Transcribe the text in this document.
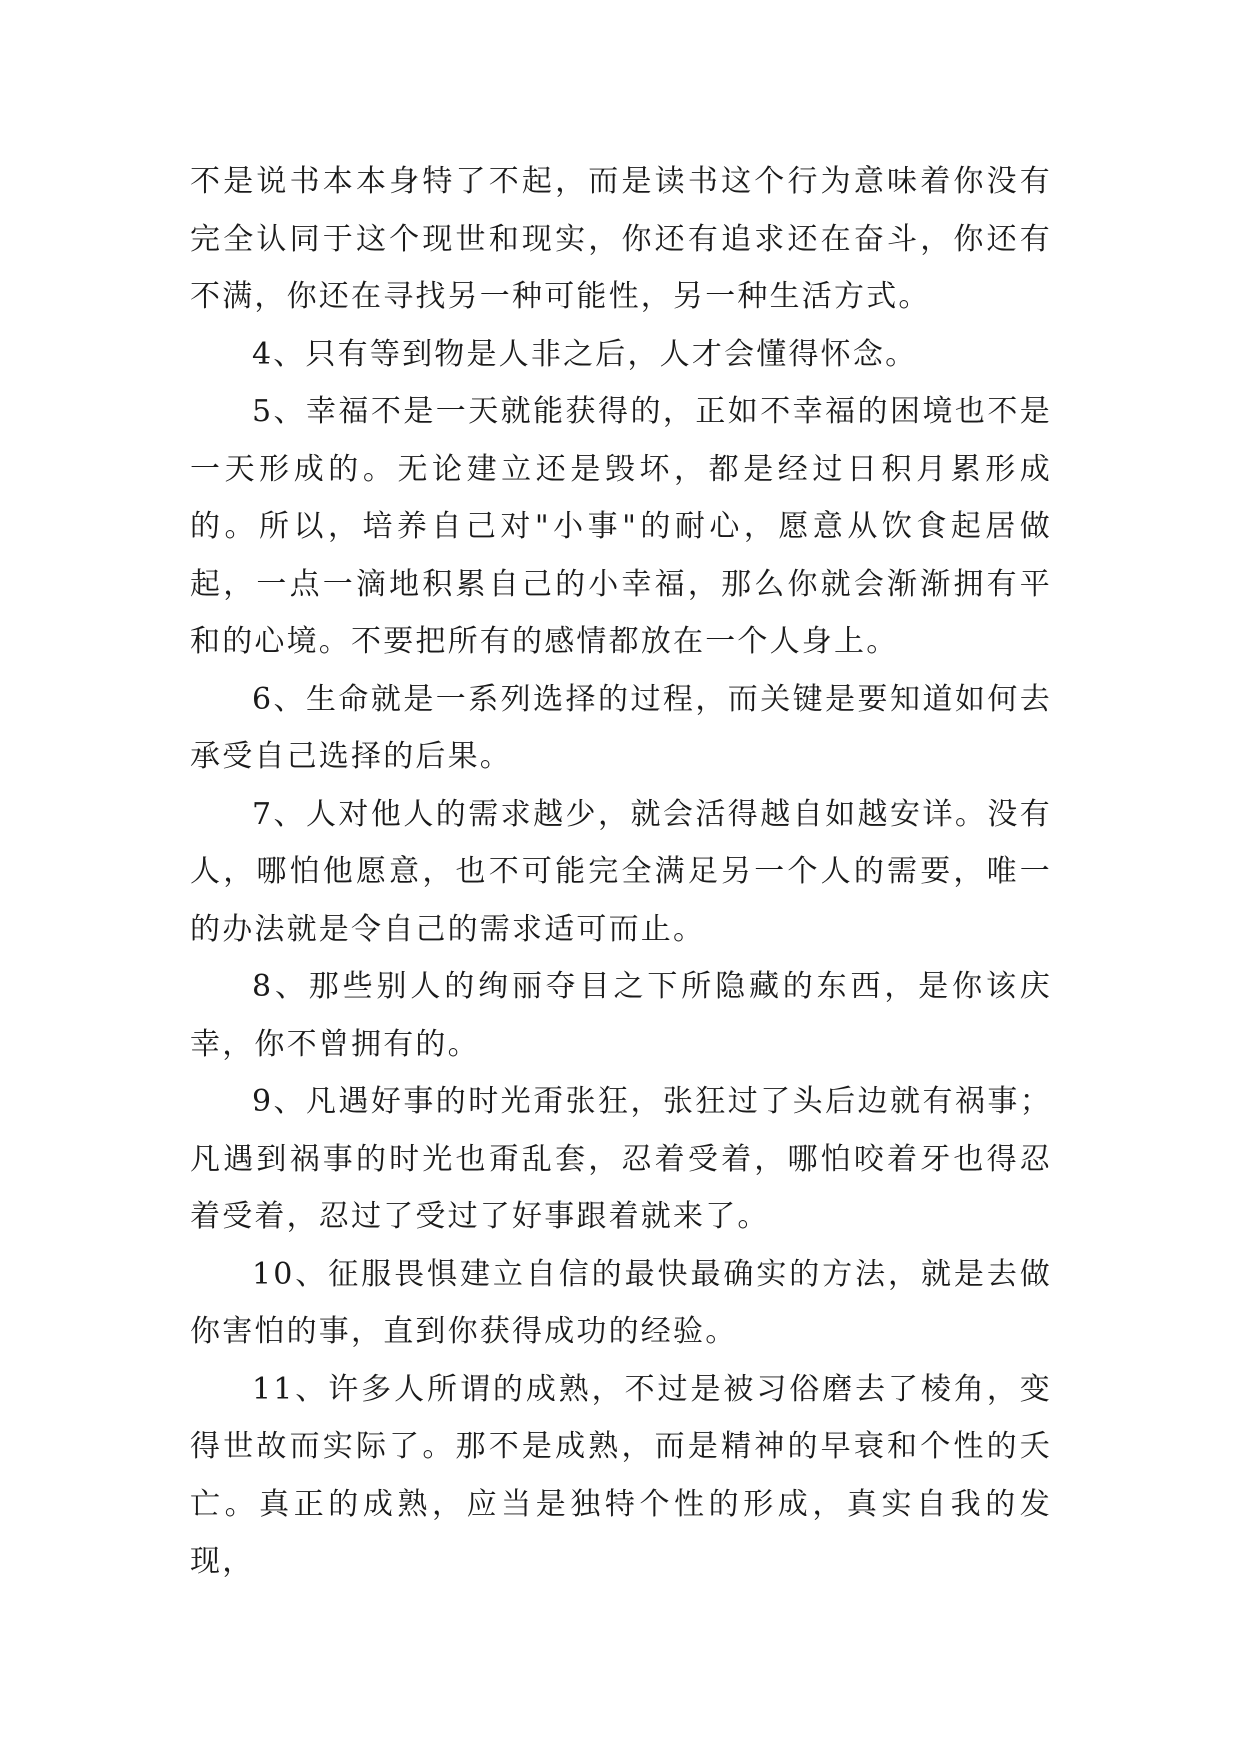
不是说书本本身特了不起，而是读书这个行为意味着你没有完全认同于这个现世和现实，你还有追求还在奋斗，你还有不满，你还在寻找另一种可能性，另一种生活方式。

4、只有等到物是人非之后，人才会懂得怀念。

5、幸福不是一天就能获得的，正如不幸福的困境也不是一天形成的。无论建立还是毁坏，都是经过日积月累形成的。所以，培养自己对"小事"的耐心，愿意从饮食起居做起，一点一滴地积累自己的小幸福，那么你就会渐渐拥有平和的心境。不要把所有的感情都放在一个人身上。

6、生命就是一系列选择的过程，而关键是要知道如何去承受自己选择的后果。

7、人对他人的需求越少，就会活得越自如越安详。没有人，哪怕他愿意，也不可能完全满足另一个人的需要，唯一的办法就是令自己的需求适可而止。

8、那些别人的绚丽夺目之下所隐藏的东西，是你该庆幸，你不曾拥有的。

9、凡遇好事的时光甭张狂，张狂过了头后边就有祸事；凡遇到祸事的时光也甭乱套，忍着受着，哪怕咬着牙也得忍着受着，忍过了受过了好事跟着就来了。

10、征服畏惧建立自信的最快最确实的方法，就是去做你害怕的事，直到你获得成功的经验。

11、许多人所谓的成熟，不过是被习俗磨去了棱角，变得世故而实际了。那不是成熟，而是精神的早衰和个性的夭亡。真正的成熟，应当是独特个性的形成，真实自我的发现，
